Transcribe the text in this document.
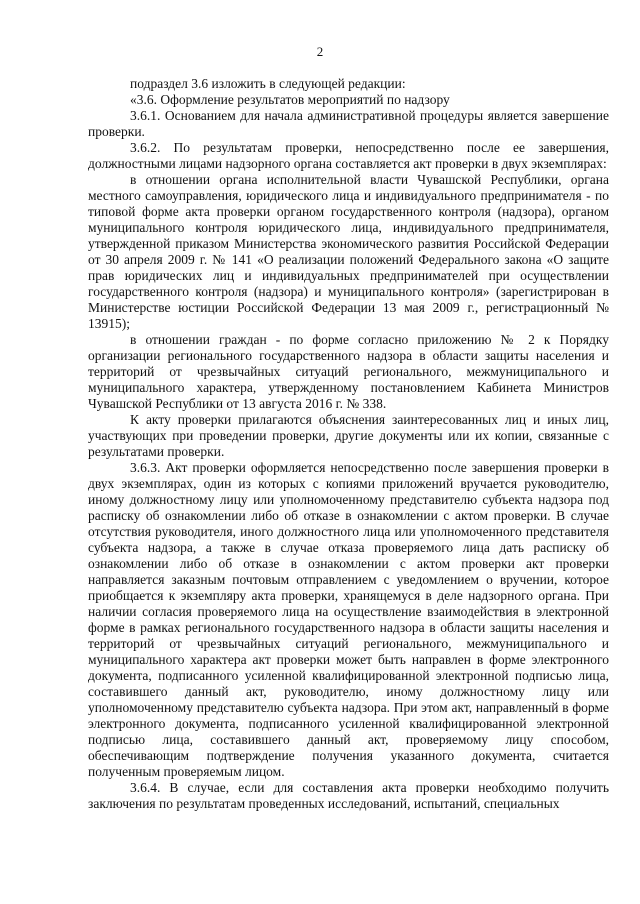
2

подраздел 3.6 изложить в следующей редакции:

«3.6. Оформление результатов мероприятий по надзору

3.6.1. Основанием для начала административной процедуры является завершение проверки.

3.6.2. По результатам проверки, непосредственно после ее завершения, должностными лицами надзорного органа составляется акт проверки в двух экземплярах:

в отношении органа исполнительной власти Чувашской Республики, органа местного самоуправления, юридического лица и индивидуального предпринимателя - по типовой форме акта проверки органом государственного контроля (надзора), органом муниципального контроля юридического лица, индивидуального предпринимателя, утвержденной приказом Министерства экономического развития Российской Федерации от 30 апреля 2009 г. № 141 «О реализации положений Федерального закона «О защите прав юридических лиц и индивидуальных предпринимателей при осуществлении государственного контроля (надзора) и муниципального контроля» (зарегистрирован в Министерстве юстиции Российской Федерации 13 мая 2009 г., регистрационный № 13915);

в отношении граждан - по форме согласно приложению № 2 к Порядку организации регионального государственного надзора в области защиты населения и территорий от чрезвычайных ситуаций регионального, межмуниципального и муниципального характера, утвержденному постановлением Кабинета Министров Чувашской Республики от 13 августа 2016 г. № 338.

К акту проверки прилагаются объяснения заинтересованных лиц и иных лиц, участвующих при проведении проверки, другие документы или их копии, связанные с результатами проверки.

3.6.3. Акт проверки оформляется непосредственно после завершения проверки в двух экземплярах, один из которых с копиями приложений вручается руководителю, иному должностному лицу или уполномоченному представителю субъекта надзора под расписку об ознакомлении либо об отказе в ознакомлении с актом проверки. В случае отсутствия руководителя, иного должностного лица или уполномоченного представителя субъекта надзора, а также в случае отказа проверяемого лица дать расписку об ознакомлении либо об отказе в ознакомлении с актом проверки акт проверки направляется заказным почтовым отправлением с уведомлением о вручении, которое приобщается к экземпляру акта проверки, хранящемуся в деле надзорного органа. При наличии согласия проверяемого лица на осуществление взаимодействия в электронной форме в рамках регионального государственного надзора в области защиты населения и территорий от чрезвычайных ситуаций регионального, межмуниципального и муниципального характера акт проверки может быть направлен в форме электронного документа, подписанного усиленной квалифицированной электронной подписью лица, составившего данный акт, руководителю, иному должностному лицу или уполномоченному представителю субъекта надзора. При этом акт, направленный в форме электронного документа, подписанного усиленной квалифицированной электронной подписью лица, составившего данный акт, проверяемому лицу способом, обеспечивающим подтверждение получения указанного документа, считается полученным проверяемым лицом.

3.6.4. В случае, если для составления акта проверки необходимо получить заключения по результатам проведенных исследований, испытаний, специальных
